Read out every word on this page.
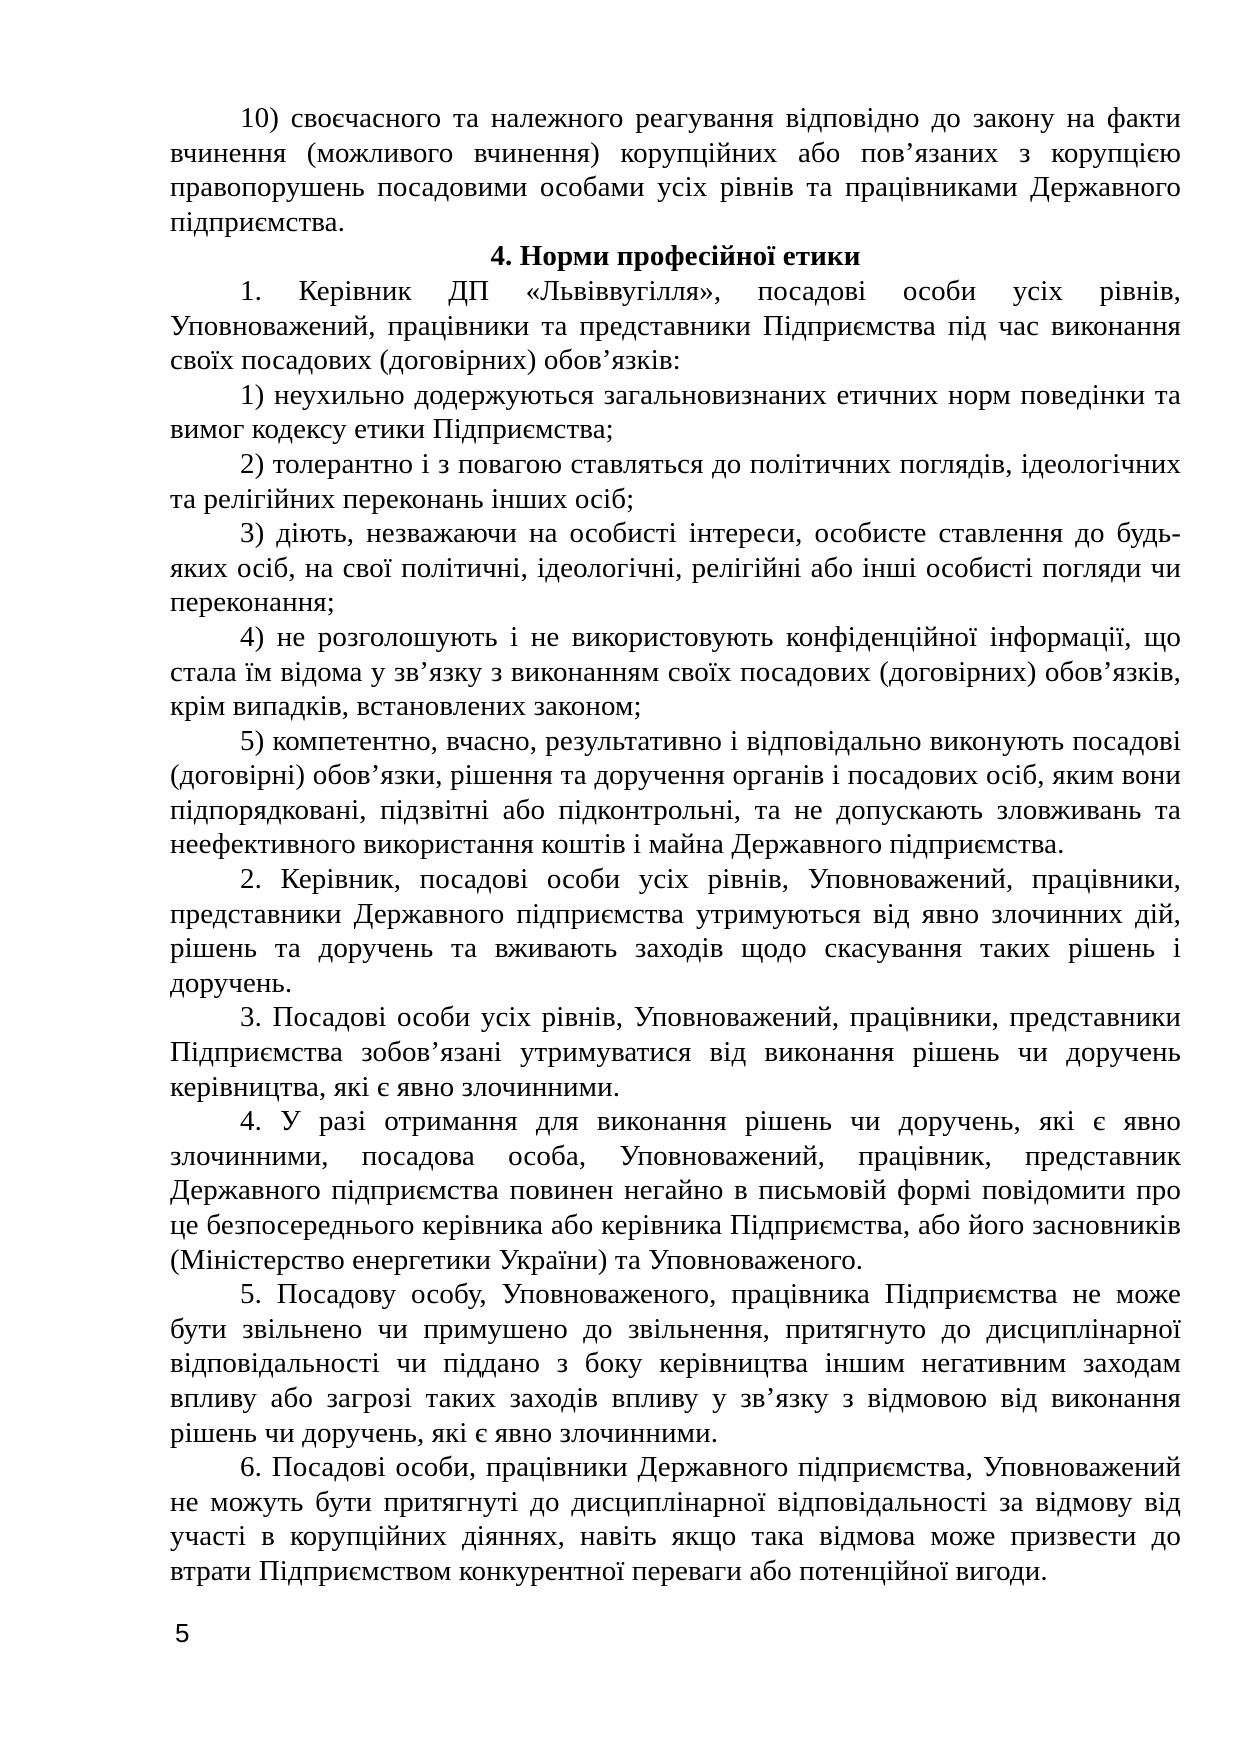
10) своєчасного та належного реагування відповідно до закону на факти вчинення (можливого вчинення) корупційних або пов’язаних з корупцією правопорушень посадовими особами усіх рівнів та працівниками Державного підприємства.

4. Норми професійної етики

1. Керівник ДП «Львіввугілля», посадові особи усіх рівнів, Уповноважений, працівники та представники Підприємства під час виконання своїх посадових (договірних) обов’язків:

1) неухильно додержуються загальновизнаних етичних норм поведінки та вимог кодексу етики Підприємства;

2) толерантно і з повагою ставляться до політичних поглядів, ідеологічних та релігійних переконань інших осіб;

3) діють, незважаючи на особисті інтереси, особисте ставлення до будь-яких осіб, на свої політичні, ідеологічні, релігійні або інші особисті погляди чи переконання;

4) не розголошують і не використовують конфіденційної інформації, що стала їм відома у зв’язку з виконанням своїх посадових (договірних) обов’язків, крім випадків, встановлених законом;

5) компетентно, вчасно, результативно і відповідально виконують посадові (договірні) обов’язки, рішення та доручення органів і посадових осіб, яким вони підпорядковані, підзвітні або підконтрольні, та не допускають зловживань та неефективного використання коштів і майна Державного підприємства.

2. Керівник, посадові особи усіх рівнів, Уповноважений, працівники, представники Державного підприємства утримуються від явно злочинних дій, рішень та доручень та вживають заходів щодо скасування таких рішень і доручень.

3. Посадові особи усіх рівнів, Уповноважений, працівники, представники Підприємства зобов’язані утримуватися від виконання рішень чи доручень керівництва, які є явно злочинними.

4. У разі отримання для виконання рішень чи доручень, які є явно злочинними, посадова особа, Уповноважений, працівник, представник Державного підприємства повинен негайно в письмовій формі повідомити про це безпосереднього керівника або керівника Підприємства, або його засновників (Міністерство енергетики України) та Уповноваженого.

5. Посадову особу, Уповноваженого, працівника Підприємства не може бути звільнено чи примушено до звільнення, притягнуто до дисциплінарної відповідальності чи піддано з боку керівництва іншим негативним заходам впливу або загрозі таких заходів впливу у зв’язку з відмовою від виконання рішень чи доручень, які є явно злочинними.

6. Посадові особи, працівники Державного підприємства, Уповноважений не можуть бути притягнуті до дисциплінарної відповідальності за відмову від участі в корупційних діяннях, навіть якщо така відмова може призвести до втрати Підприємством конкурентної переваги або потенційної вигоди.

5
